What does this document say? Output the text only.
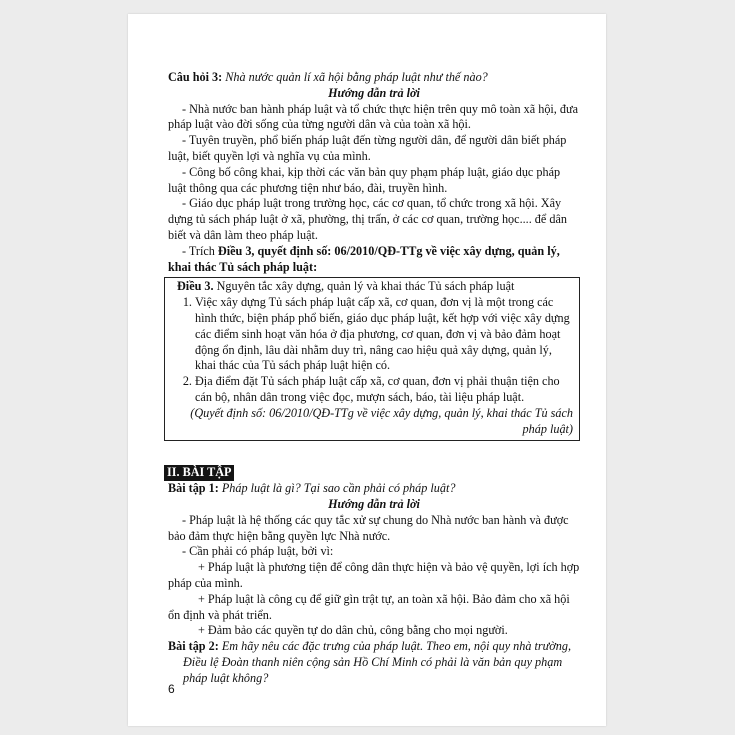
Câu hỏi 3: Nhà nước quản lí xã hội bằng pháp luật như thế nào?

Hướng dẫn trả lời

- Nhà nước ban hành pháp luật và tổ chức thực hiện trên quy mô toàn xã hội, đưa pháp luật vào đời sống của từng người dân và của toàn xã hội.

- Tuyên truyền, phổ biến pháp luật đến từng người dân, để người dân biết pháp luật, biết quyền lợi và nghĩa vụ của mình.

- Công bố công khai, kịp thời các văn bản quy phạm pháp luật, giáo dục pháp luật thông qua các phương tiện như báo, đài, truyền hình.

- Giáo dục pháp luật trong trường học, các cơ quan, tổ chức trong xã hội. Xây dựng tủ sách pháp luật ở xã, phường, thị trấn, ở các cơ quan, trường học.... để dân biết và dân làm theo pháp luật.

- Trích Điều 3, quyết định số: 06/2010/QĐ-TTg về việc xây dựng, quản lý, khai thác Tủ sách pháp luật:

Điều 3. Nguyên tắc xây dựng, quản lý và khai thác Tủ sách pháp luật

1. Việc xây dựng Tủ sách pháp luật cấp xã, cơ quan, đơn vị là một trong các hình thức, biện pháp phổ biến, giáo dục pháp luật, kết hợp với việc xây dựng các điểm sinh hoạt văn hóa ở địa phương, cơ quan, đơn vị và bảo đảm hoạt động ổn định, lâu dài nhằm duy trì, nâng cao hiệu quả xây dựng, quản lý, khai thác của Tủ sách pháp luật hiện có.
2. Địa điểm đặt Tủ sách pháp luật cấp xã, cơ quan, đơn vị phải thuận tiện cho cán bộ, nhân dân trong việc đọc, mượn sách, báo, tài liệu pháp luật.

(Quyết định số: 06/2010/QĐ-TTg về việc xây dựng, quản lý, khai thác Tủ sách pháp luật)

II. BÀI TẬP

Bài tập 1: Pháp luật là gì? Tại sao cần phải có pháp luật?

Hướng dẫn trả lời

- Pháp luật là hệ thống các quy tắc xử sự chung do Nhà nước ban hành và được bảo đảm thực hiện bằng quyền lực Nhà nước.

- Cần phải có pháp luật, bởi vì:

+ Pháp luật là phương tiện để công dân thực hiện và bảo vệ quyền, lợi ích hợp pháp của mình.

+ Pháp luật là công cụ để giữ gìn trật tự, an toàn xã hội. Bảo đảm cho xã hội ổn định và phát triển.

+ Đảm bảo các quyền tự do dân chủ, công bằng cho mọi người.

Bài tập 2: Em hãy nêu các đặc trưng của pháp luật. Theo em, nội quy nhà trường, Điều lệ Đoàn thanh niên cộng sản Hồ Chí Minh có phải là văn bản quy phạm pháp luật không?

6
